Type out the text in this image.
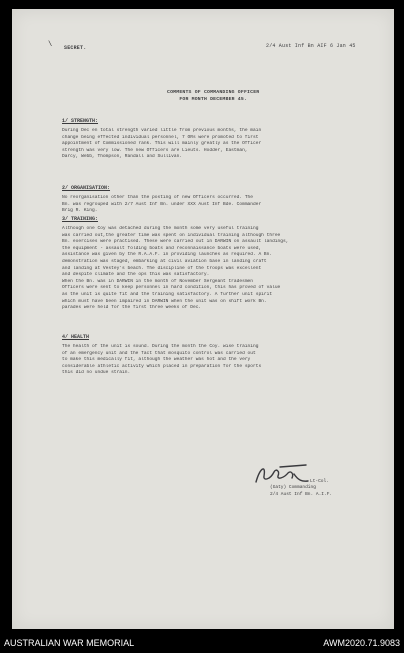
\ SECRET.	2/4 Aust Inf Bn AIF 6 Jan 45
COMMENTS OF COMMANDING OFFICER
FOR MONTH DECEMBER 45.
1/ STRENGTH:
During Dec en total strength varied little from previous months, the main
change being effected individual personnel, 7 ORs were promoted to first
appointment of Commissioned rank. This will mainly greatly as the Officer
strength was very low. The new Officers are Lieuts. Hodder, Eastman,
Darcy, Webb, Thompson, Randall and Sullivan.
2/ ORGANISATION:
No reorganisation other than the posting of new Officers occurred. The
Bn. was regrouped with 2/7 Aust Inf Bn. under XXX Aust Inf Bde. Commander
Brig R. King.
3/ TRAINING:
Although one Coy was detached during the month some very useful training
was carried out,the greater time was spent on individual training although three
Bn. exercises were practised. These were carried out in DARWIN on assault landings,
the equipment - assault folding boats and reconnaissance boats were used,
assistance was given by the R.A.A.F. in providing launches as required. A Bn.
demonstration was staged, embarking at civil aviation base in landing craft
and landing at Vestey's beach. The discipline of the troops was excellent
and despite climate and the ops this was satisfactory.
When the Bn. was in DARWIN in the month of November Sergeant tradesmen
Officers were sent to keep personnel in hard condition, this has proved of value
as the unit is quite fit and the training satisfactory. A further unit spirit
which must have been impaired in DARWIN when the unit was on shift work Bn.
parades were held for the first three weeks of Dec.
4/ HEALTH
The health of the unit is sound. During the month the Coy. wise training
of an emergency unit and the fact that mosquito control was carried out
to make this medically fit, although the weather was hot and the very
considerable athletic activity which placed in preparation for the sports
this did no undue strain.
Lt-Col.
(Gaty) Commanding
2/4 Aust Inf Bn. A.I.F.
AUSTRALIAN WAR MEMORIAL	AWM2020.71.9083
